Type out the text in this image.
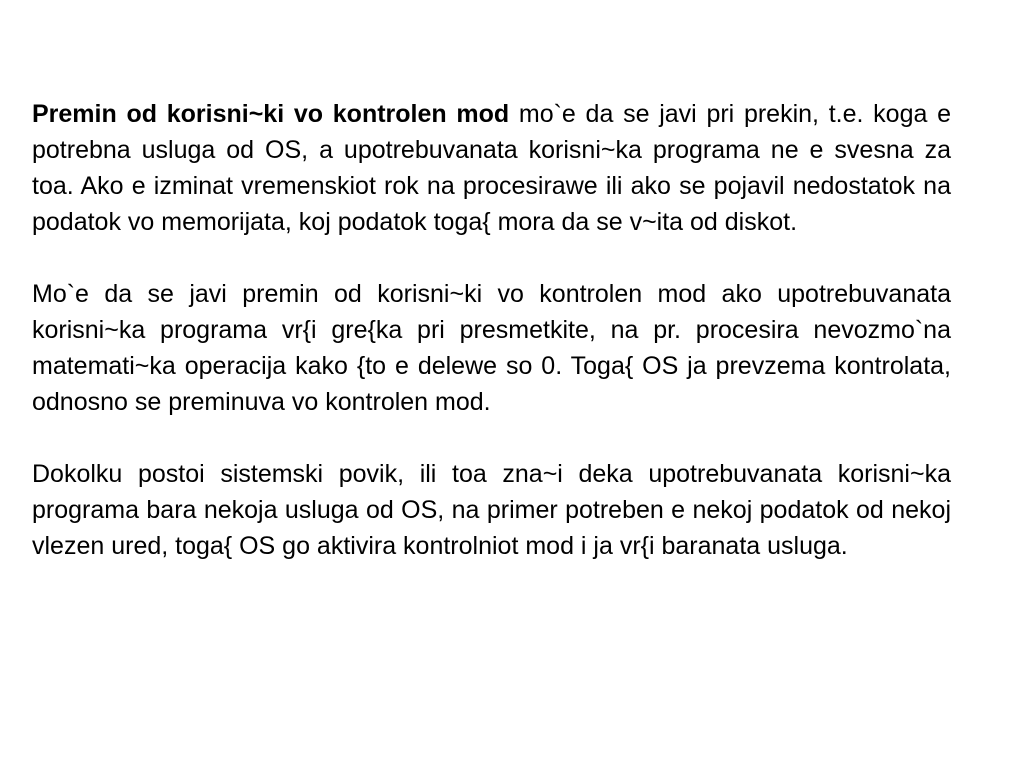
Premin od korisni~ki vo kontrolen mod mo`e da se javi pri prekin, t.e. koga e potrebna usluga od OS, a upotrebuvanata korisni~ka programa ne e svesna za toa. Ako e izminat vremenskiot rok na procesirawe ili ako se pojavil nedostatok na podatok vo memorijata, koj podatok toga{ mora da se v~ita od diskot.

Mo`e da se javi premin od korisni~ki vo kontrolen mod ako upotrebuvanata korisni~ka programa vr{i gre{ka pri presmetkite, na pr. procesira nevozmo`na matemati~ka operacija kako {to e delewe so 0. Toga{ OS ja prevzema kontrolata, odnosno se preminuva vo kontrolen mod.

Dokolku postoi sistemski povik, ili toa zna~i deka upotrebuvanata korisni~ka programa bara nekoja usluga od OS, na primer potreben e nekoj podatok od nekoj vlezen ured, toga{ OS go aktivira kontrolniot mod i ja vr{i baranata usluga.
